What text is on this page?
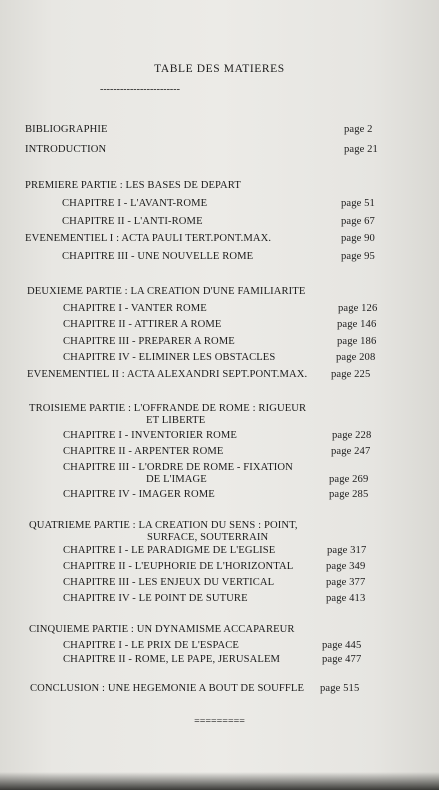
TABLE DES MATIERES
------------------------
BIBLIOGRAPHIE	page 2
INTRODUCTION	page 21
PREMIERE PARTIE : LES BASES DE DEPART
CHAPITRE I - L'AVANT-ROME	page 51
CHAPITRE II - L'ANTI-ROME	page 67
EVENEMENTIEL I : ACTA PAULI TERT.PONT.MAX.	page 90
CHAPITRE III - UNE NOUVELLE ROME	page 95
DEUXIEME PARTIE : LA CREATION D'UNE FAMILIARITE
CHAPITRE I - VANTER ROME	page 126
CHAPITRE II - ATTIRER A ROME	page 146
CHAPITRE III - PREPARER A ROME	page 186
CHAPITRE IV - ELIMINER LES OBSTACLES	page 208
EVENEMENTIEL II : ACTA ALEXANDRI SEPT.PONT.MAX. page 225
TROISIEME PARTIE : L'OFFRANDE DE ROME : RIGUEUR
ET LIBERTE
CHAPITRE I - INVENTORIER ROME	page 228
CHAPITRE II - ARPENTER ROME	page 247
CHAPITRE III - L'ORDRE DE ROME - FIXATION
DE L'IMAGE	page 269
CHAPITRE IV - IMAGER ROME	page 285
QUATRIEME PARTIE : LA CREATION DU SENS : POINT,
SURFACE, SOUTERRAIN
CHAPITRE I - LE PARADIGME DE L'EGLISE	page 317
CHAPITRE II - L'EUPHORIE DE L'HORIZONTAL	page 349
CHAPITRE III - LES ENJEUX DU VERTICAL	page 377
CHAPITRE IV - LE POINT DE SUTURE	page 413
CINQUIEME PARTIE : UN DYNAMISME ACCAPAREUR
CHAPITRE I - LE PRIX DE L'ESPACE	page 445
CHAPITRE II - ROME, LE PAPE, JERUSALEM	page 477
CONCLUSION : UNE HEGEMONIE A BOUT DE SOUFFLE page 515
=========
